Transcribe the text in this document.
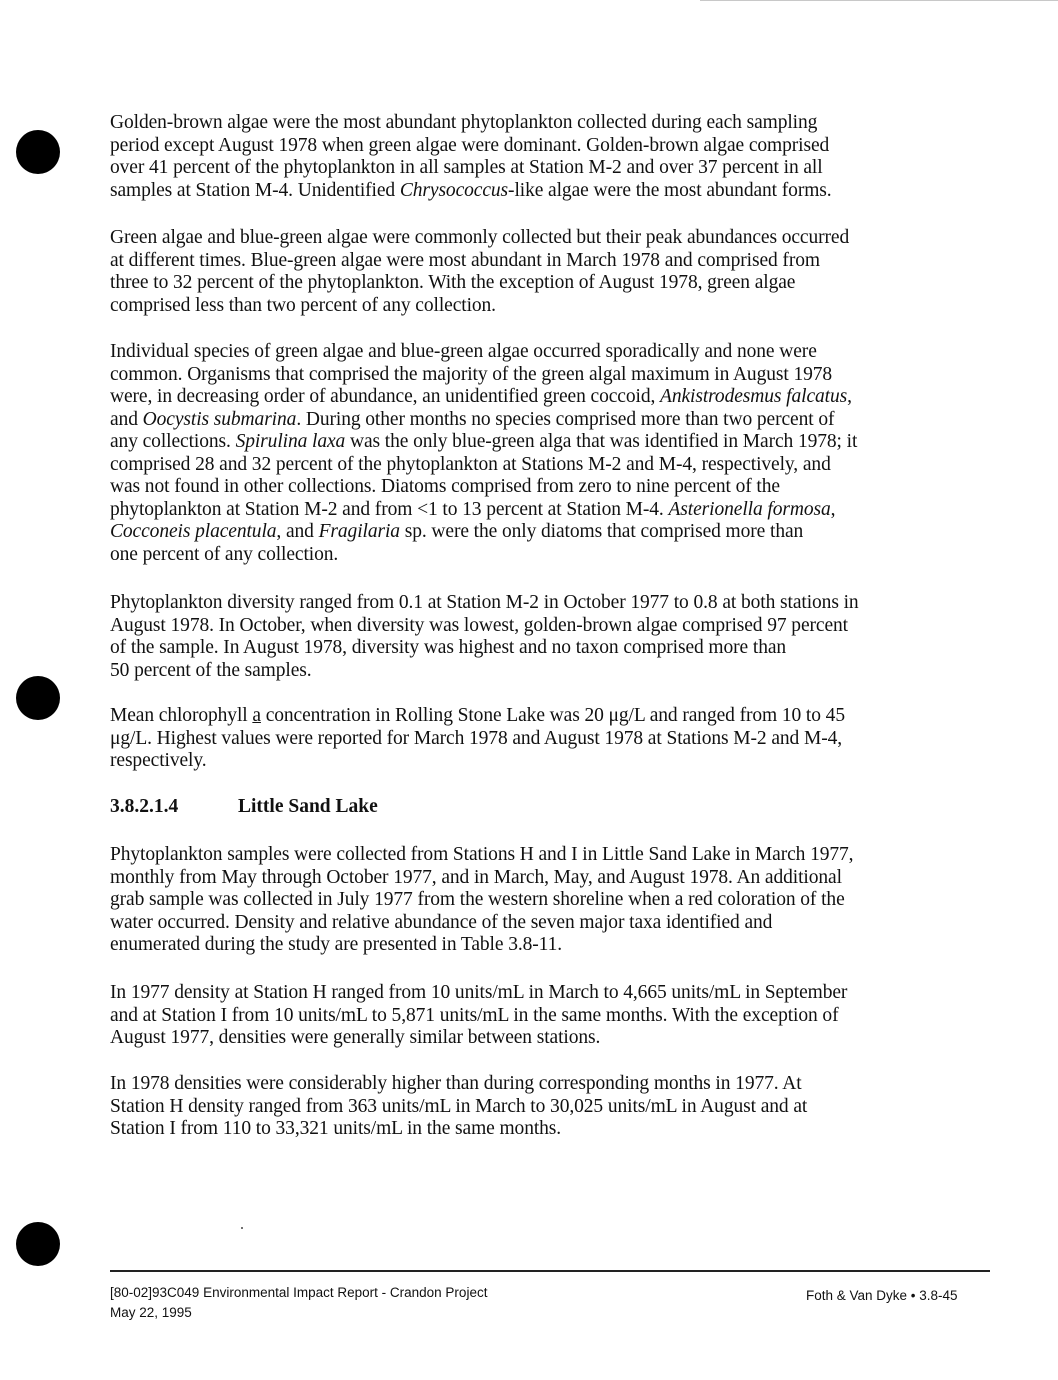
Golden-brown algae were the most abundant phytoplankton collected during each sampling
period except August 1978 when green algae were dominant. Golden-brown algae comprised
over 41 percent of the phytoplankton in all samples at Station M-2 and over 37 percent in all
samples at Station M-4. Unidentified Chrysococcus-like algae were the most abundant forms.
Green algae and blue-green algae were commonly collected but their peak abundances occurred
at different times. Blue-green algae were most abundant in March 1978 and comprised from
three to 32 percent of the phytoplankton. With the exception of August 1978, green algae
comprised less than two percent of any collection.
Individual species of green algae and blue-green algae occurred sporadically and none were
common. Organisms that comprised the majority of the green algal maximum in August 1978
were, in decreasing order of abundance, an unidentified green coccoid, Ankistrodesmus falcatus,
and Oocystis submarina. During other months no species comprised more than two percent of
any collections. Spirulina laxa was the only blue-green alga that was identified in March 1978; it
comprised 28 and 32 percent of the phytoplankton at Stations M-2 and M-4, respectively, and
was not found in other collections. Diatoms comprised from zero to nine percent of the
phytoplankton at Station M-2 and from <1 to 13 percent at Station M-4. Asterionella formosa,
Cocconeis placentula, and Fragilaria sp. were the only diatoms that comprised more than
one percent of any collection.
Phytoplankton diversity ranged from 0.1 at Station M-2 in October 1977 to 0.8 at both stations in
August 1978. In October, when diversity was lowest, golden-brown algae comprised 97 percent
of the sample. In August 1978, diversity was highest and no taxon comprised more than
50 percent of the samples.
Mean chlorophyll a concentration in Rolling Stone Lake was 20 μg/L and ranged from 10 to 45
μg/L. Highest values were reported for March 1978 and August 1978 at Stations M-2 and M-4,
respectively.
3.8.2.1.4	Little Sand Lake
Phytoplankton samples were collected from Stations H and I in Little Sand Lake in March 1977,
monthly from May through October 1977, and in March, May, and August 1978. An additional
grab sample was collected in July 1977 from the western shoreline when a red coloration of the
water occurred. Density and relative abundance of the seven major taxa identified and
enumerated during the study are presented in Table 3.8-11.
In 1977 density at Station H ranged from 10 units/mL in March to 4,665 units/mL in September
and at Station I from 10 units/mL to 5,871 units/mL in the same months. With the exception of
August 1977, densities were generally similar between stations.
In 1978 densities were considerably higher than during corresponding months in 1977. At
Station H density ranged from 363 units/mL in March to 30,025 units/mL in August and at
Station I from 110 to 33,321 units/mL in the same months.
[80-02]93C049 Environmental Impact Report - Crandon Project
May 22, 1995
Foth & Van Dyke • 3.8-45
